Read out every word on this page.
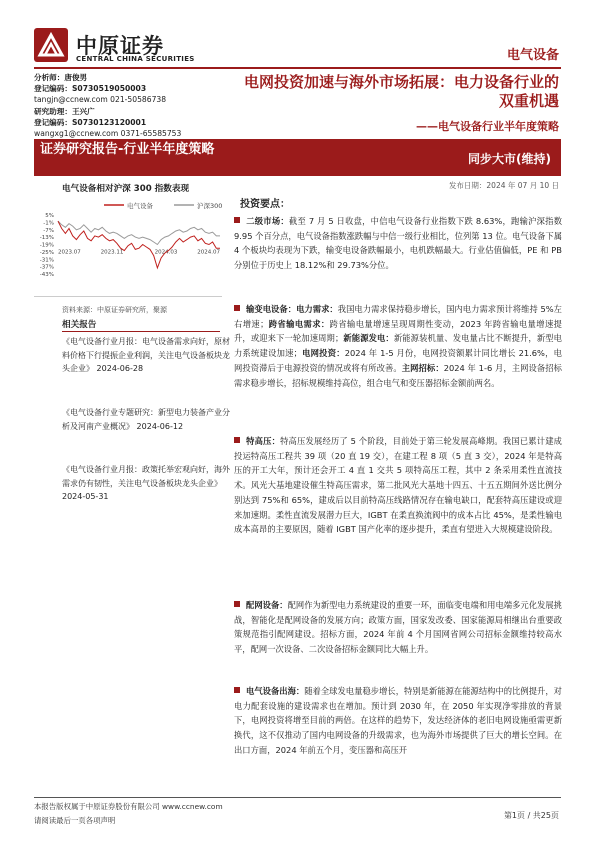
中原证券
CENTRAL CHINA SECURITIES	电气设备
分析师：唐俊男
登记编码：S0730519050003
tangjn@ccnew.com 021-50586738
研究助理：王兴广
登记编码：S0730123120001
wangxg1@ccnew.com 0371-65585753
电网投资加速与海外市场拓展：电力设备行业的双重机遇
——电气设备行业半年度策略
证券研究报告-行业半年度策略
同步大市(维持)
发布日期：2024 年 07 月 10 日
电气设备相对沪深 300 指数表现
5%
-1%
-7%
-13%
-19%
-25%
-31%
-37%
-43%
2023.07	2023.11	2024.03	2024.07
电气设备	沪深300
资料来源：中原证券研究所，聚源
相关报告
《电气设备行业月报：电气设备需求向好，原材料价格下行提振企业利润，关注电气设备板块龙头企业》 2024-06-28
《电气设备行业专题研究：新型电力装备产业分析及河南产业概况》 2024-06-12
《电气设备行业月报：政策托举宏观向好，海外需求仍有韧性，关注电气设备板块龙头企业》 2024-05-31
投资要点：
二级市场：截至 7 月 5 日收盘，中信电气设备行业指数下跌 8.63%，跑输沪深指数 9.95 个百分点，电气设备指数涨跌幅与中信一级行业相比，位列第 13 位。电气设备下属 4 个板块均表现为下跌，输变电设备跌幅最小，电机跌幅最大。行业估值偏低，PE 和 PB 分别位于历史上 18.12%和 29.73%分位。
输变电设备：电力需求：我国电力需求保持稳步增长，国内电力需求预计将维持 5%左右增速；跨省输电需求：跨省输电量增速呈现周期性变动，2023 年跨省输电量增速提升，或迎来下一轮加速周期；新能源发电：新能源装机量、发电量占比不断提升，新型电力系统建设加速；电网投资：2024 年 1-5 月份，电网投资额累计同比增长 21.6%，电网投资滞后于电源投资的情况或将有所改善。主网招标：2024 年 1-6 月，主网设备招标需求稳步增长，招标规模维持高位，组合电气和变压器招标金额前两名。
特高压：特高压发展经历了 5 个阶段，目前处于第三轮发展高峰期。我国已累计建成投运特高压工程共 39 项（20 直 19 交），在建工程 8 项（5 直 3 交），2024 年是特高压的开工大年，预计还会开工 4 直 1 交共 5 项特高压工程，其中 2 条采用柔性直流技术。风光大基地建设催生特高压需求，第二批风光大基地十四五、十五五期间外送比例分别达到 75%和 65%，建成后以目前特高压线路情况存在输电缺口，配套特高压建设或迎来加速期。柔性直流发展潜力巨大，IGBT 在柔直换流阀中的成本占比 45%，是柔性输电成本高昂的主要原因，随着 IGBT 国产化率的逐步提升，柔直有望进入大规模建设阶段。
配网设备：配网作为新型电力系统建设的重要一环，面临变电端和用电端多元化发展挑战，智能化是配网设备的发展方向；政策方面，国家发改委、国家能源局相继出台重要政策规范指引配网建设。招标方面，2024 年前 4 个月国网省网公司招标金额维持较高水平，配网一次设备、二次设备招标金额同比大幅上升。
电气设备出海：随着全球发电量稳步增长，特别是新能源在能源结构中的比例提升，对电力配套设施的建设需求也在增加。预计到 2030 年，在 2050 年实现净零排放的背景下，电网投资将增至目前的两倍。在这样的趋势下，发达经济体的老旧电网设施亟需更新换代，这不仅推动了国内电网设备的升级需求，也为海外市场提供了巨大的增长空间。在出口方面，2024 年前五个月，变压器和高压开
本报告版权属于中原证券股份有限公司 www.ccnew.com
请阅读最后一页各项声明
第1页 / 共25页
